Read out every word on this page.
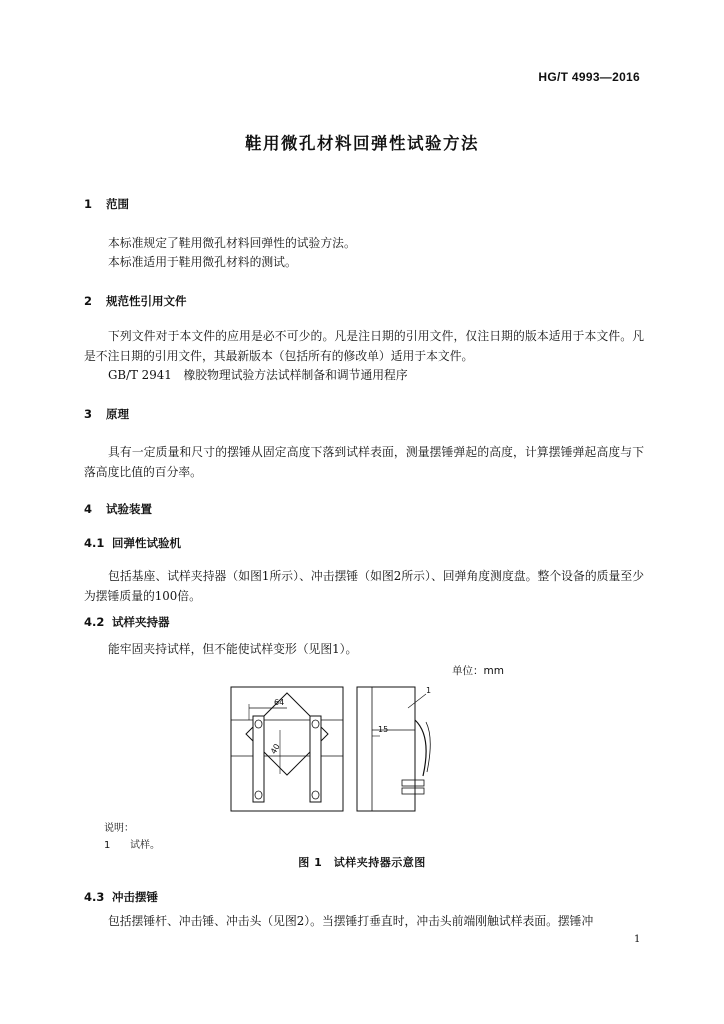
HG/T 4993—2016
鞋用微孔材料回弹性试验方法
1 范围
本标准规定了鞋用微孔材料回弹性的试验方法。
本标准适用于鞋用微孔材料的测试。
2 规范性引用文件
下列文件对于本文件的应用是必不可少的。凡是注日期的引用文件，仅注日期的版本适用于本文件。凡是不注日期的引用文件，其最新版本（包括所有的修改单）适用于本文件。
GB/T 2941　橡胶物理试验方法试样制备和调节通用程序
3 原理
具有一定质量和尺寸的摆锤从固定高度下落到试样表面，测量摆锤弹起的高度，计算摆锤弹起高度与下落高度比值的百分率。
4 试验装置
4.1 回弹性试验机
包括基座、试样夹持器（如图1所示）、冲击摆锤（如图2所示）、回弹角度测度盘。整个设备的质量至少为摆锤质量的100倍。
4.2 试样夹持器
能牢固夹持试样，但不能使试样变形（见图1）。
单位：mm
64
40
15
1
说明：
1 试样。
图 1　试样夹持器示意图
4.3 冲击摆锤
包括摆锤杆、冲击锤、冲击头（见图2）。当摆锤打垂直时，冲击头前端刚触试样表面。摆锤冲
1
